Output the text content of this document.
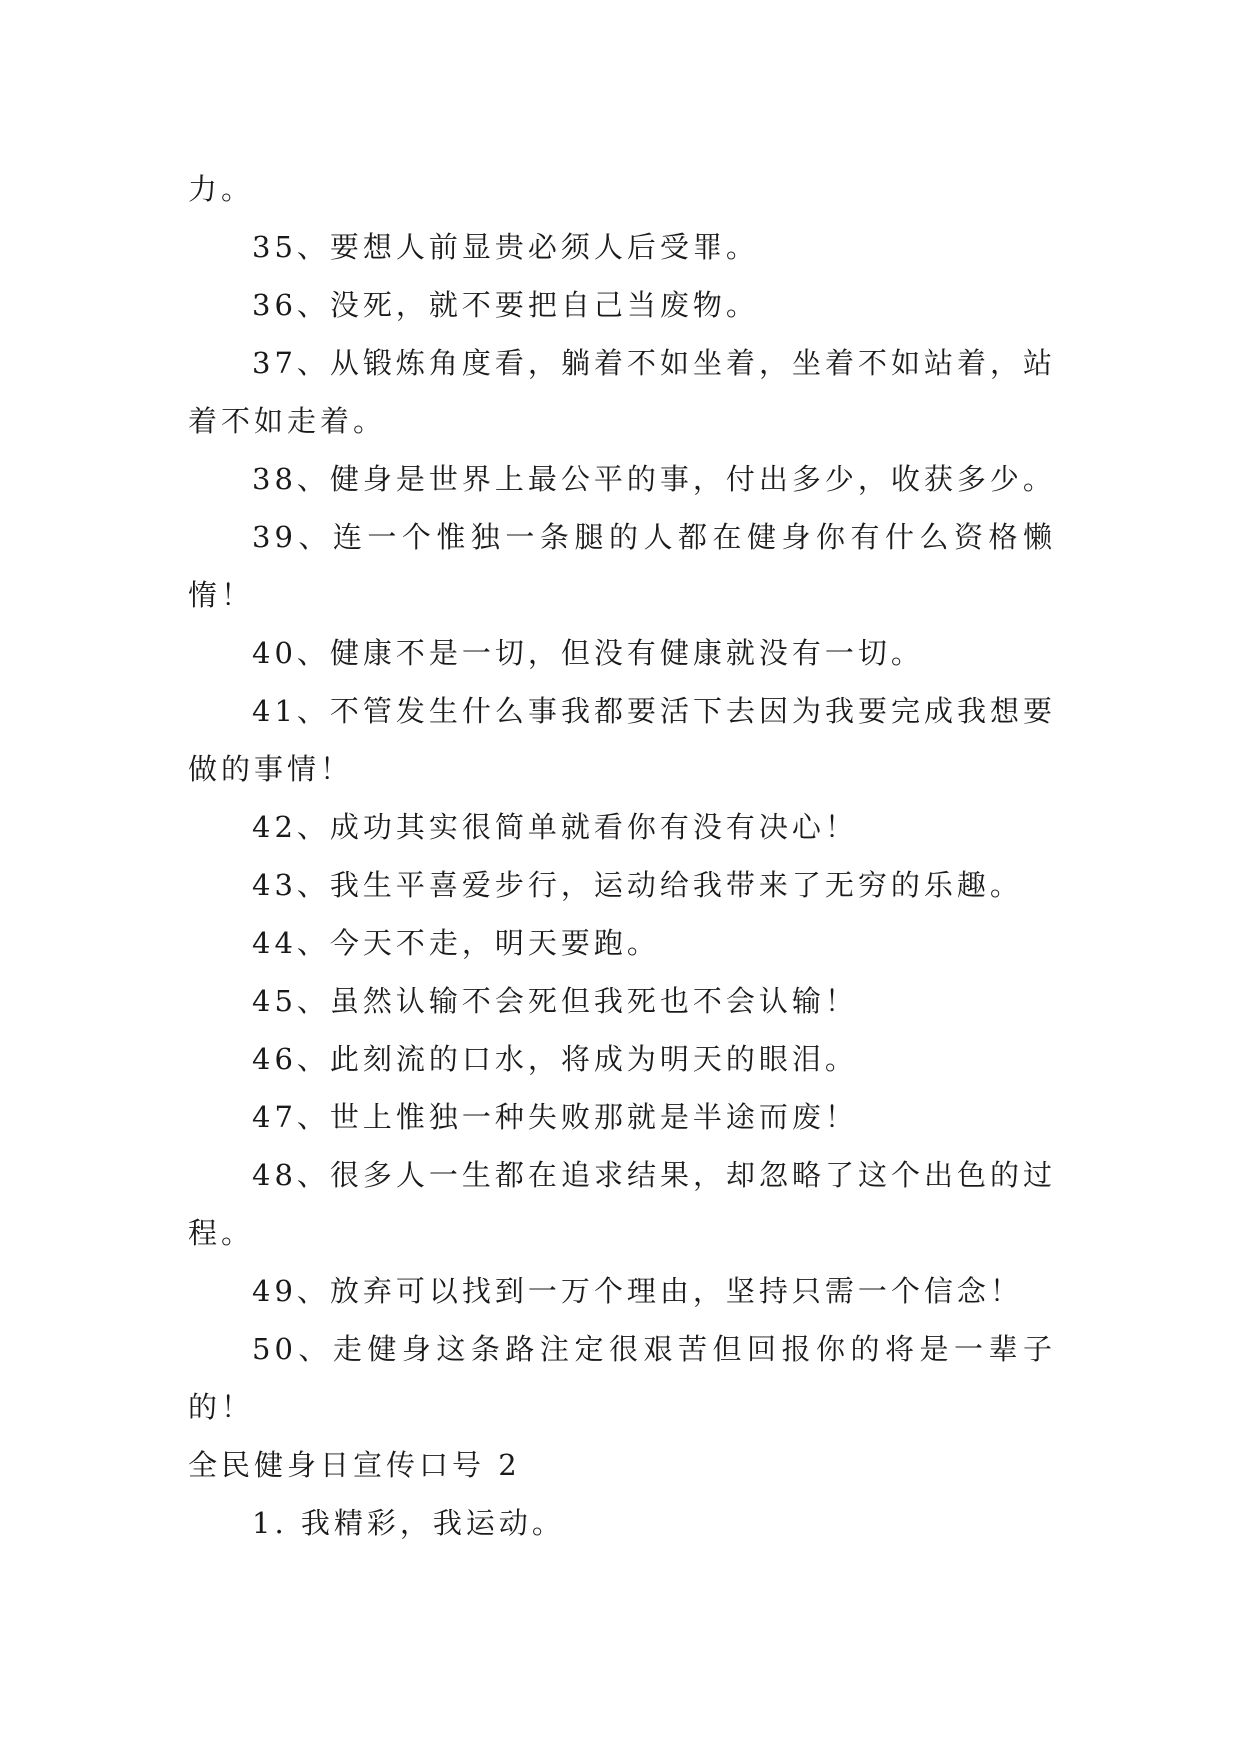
力。

35、要想人前显贵必须人后受罪。

36、没死，就不要把自己当废物。

37、从锻炼角度看，躺着不如坐着，坐着不如站着，站着不如走着。

38、健身是世界上最公平的事，付出多少，收获多少。

39、连一个惟独一条腿的人都在健身你有什么资格懒惰！

40、健康不是一切，但没有健康就没有一切。

41、不管发生什么事我都要活下去因为我要完成我想要做的事情！

42、成功其实很简单就看你有没有决心！

43、我生平喜爱步行，运动给我带来了无穷的乐趣。

44、今天不走，明天要跑。

45、虽然认输不会死但我死也不会认输！

46、此刻流的口水，将成为明天的眼泪。

47、世上惟独一种失败那就是半途而废！

48、很多人一生都在追求结果，却忽略了这个出色的过程。

49、放弃可以找到一万个理由，坚持只需一个信念！

50、走健身这条路注定很艰苦但回报你的将是一辈子的！

全民健身日宣传口号 2

1. 我精彩，我运动。
